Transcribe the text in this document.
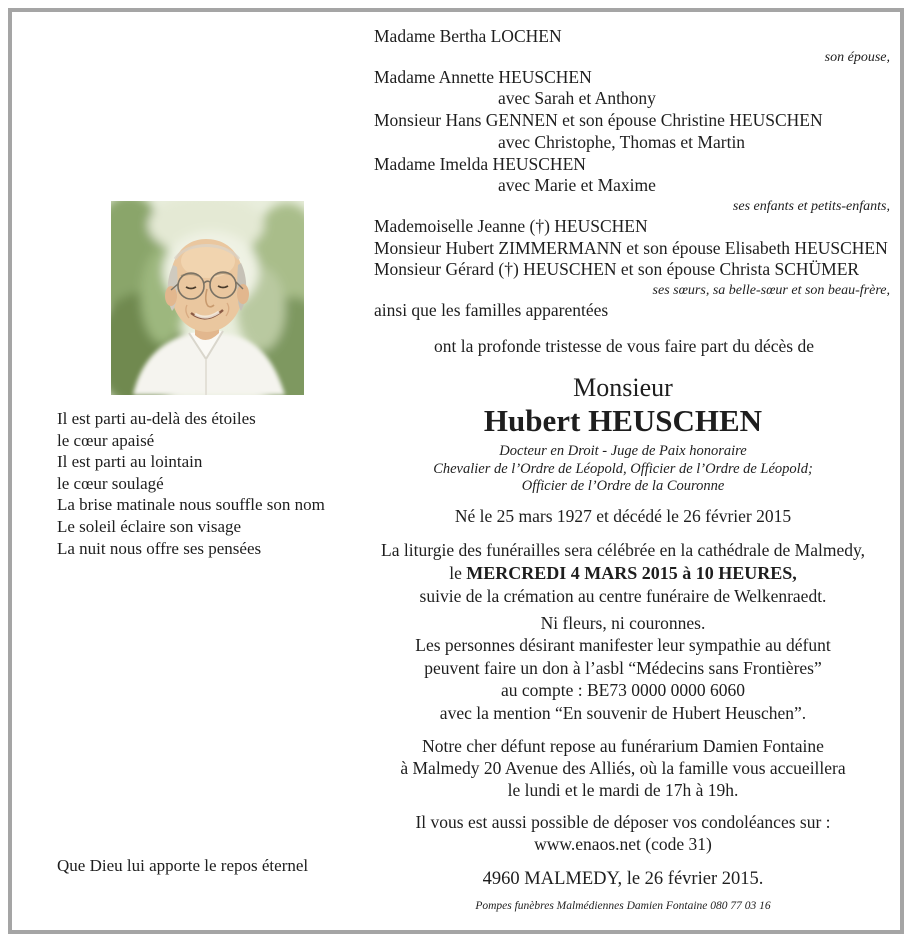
Il est parti au-delà des étoiles
le cœur apaisé
Il est parti au lointain
le cœur soulagé
La brise matinale nous souffle son nom
Le soleil éclaire son visage
La nuit nous offre ses pensées
Que Dieu lui apporte le repos éternel
Madame Bertha LOCHEN
son épouse,
Madame Annette HEUSCHEN
avec Sarah et Anthony
Monsieur Hans GENNEN et son épouse Christine HEUSCHEN
avec Christophe, Thomas et Martin
Madame Imelda HEUSCHEN
avec Marie et Maxime
ses enfants et petits-enfants,
Mademoiselle Jeanne (†) HEUSCHEN
Monsieur Hubert ZIMMERMANN et son épouse Elisabeth HEUSCHEN
Monsieur Gérard (†) HEUSCHEN et son épouse Christa SCHÜMER
ses sœurs, sa belle-sœur et son beau-frère,
ainsi que les familles apparentées
ont la profonde tristesse de vous faire part du décès de
Monsieur
Hubert HEUSCHEN
Docteur en Droit - Juge de Paix honoraire
Chevalier de l’Ordre de Léopold, Officier de l’Ordre de Léopold;
Officier de l’Ordre de la Couronne
Né le 25 mars 1927 et décédé le 26 février 2015
La liturgie des funérailles sera célébrée en la cathédrale de Malmedy,
le MERCREDI 4 MARS 2015 à 10 HEURES,
suivie de la crémation au centre funéraire de Welkenraedt.
Ni fleurs, ni couronnes.
Les personnes désirant manifester leur sympathie au défunt
peuvent faire un don à l’asbl “Médecins sans Frontières”
au compte : BE73 0000 0000 6060
avec la mention “En souvenir de Hubert Heuschen”.
Notre cher défunt repose au funérarium Damien Fontaine
à Malmedy 20 Avenue des Alliés, où la famille vous accueillera
le lundi et le mardi de 17h à 19h.
Il vous est aussi possible de déposer vos condoléances sur :
www.enaos.net (code 31)
4960 MALMEDY, le 26 février 2015.
Pompes funèbres Malmédiennes Damien Fontaine 080 77 03 16
